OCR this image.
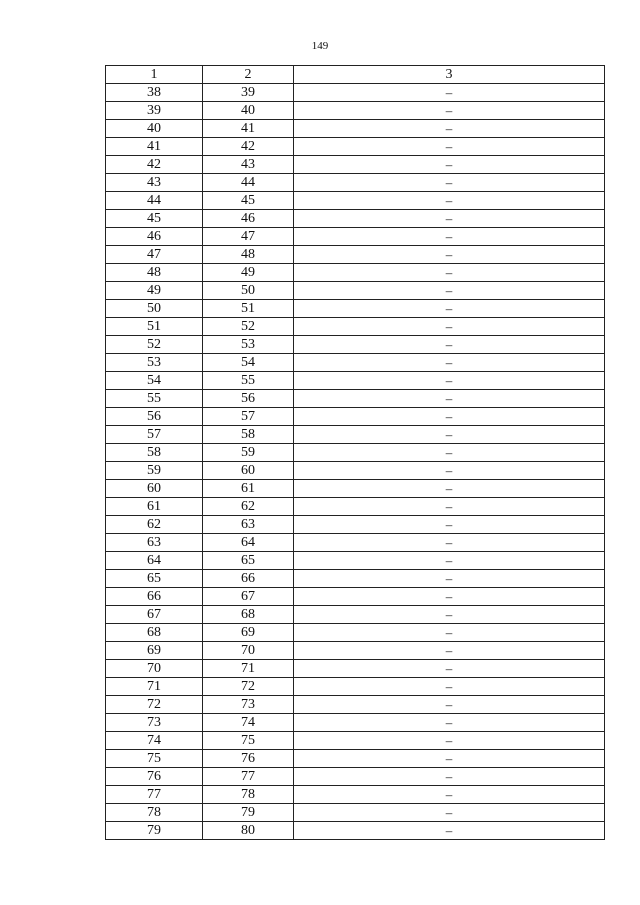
149
1	2	3
38	39	–
39	40	–
40	41	–
41	42	–
42	43	–
43	44	–
44	45	–
45	46	–
46	47	–
47	48	–
48	49	–
49	50	–
50	51	–
51	52	–
52	53	–
53	54	–
54	55	–
55	56	–
56	57	–
57	58	–
58	59	–
59	60	–
60	61	–
61	62	–
62	63	–
63	64	–
64	65	–
65	66	–
66	67	–
67	68	–
68	69	–
69	70	–
70	71	–
71	72	–
72	73	–
73	74	–
74	75	–
75	76	–
76	77	–
77	78	–
78	79	–
79	80	–
